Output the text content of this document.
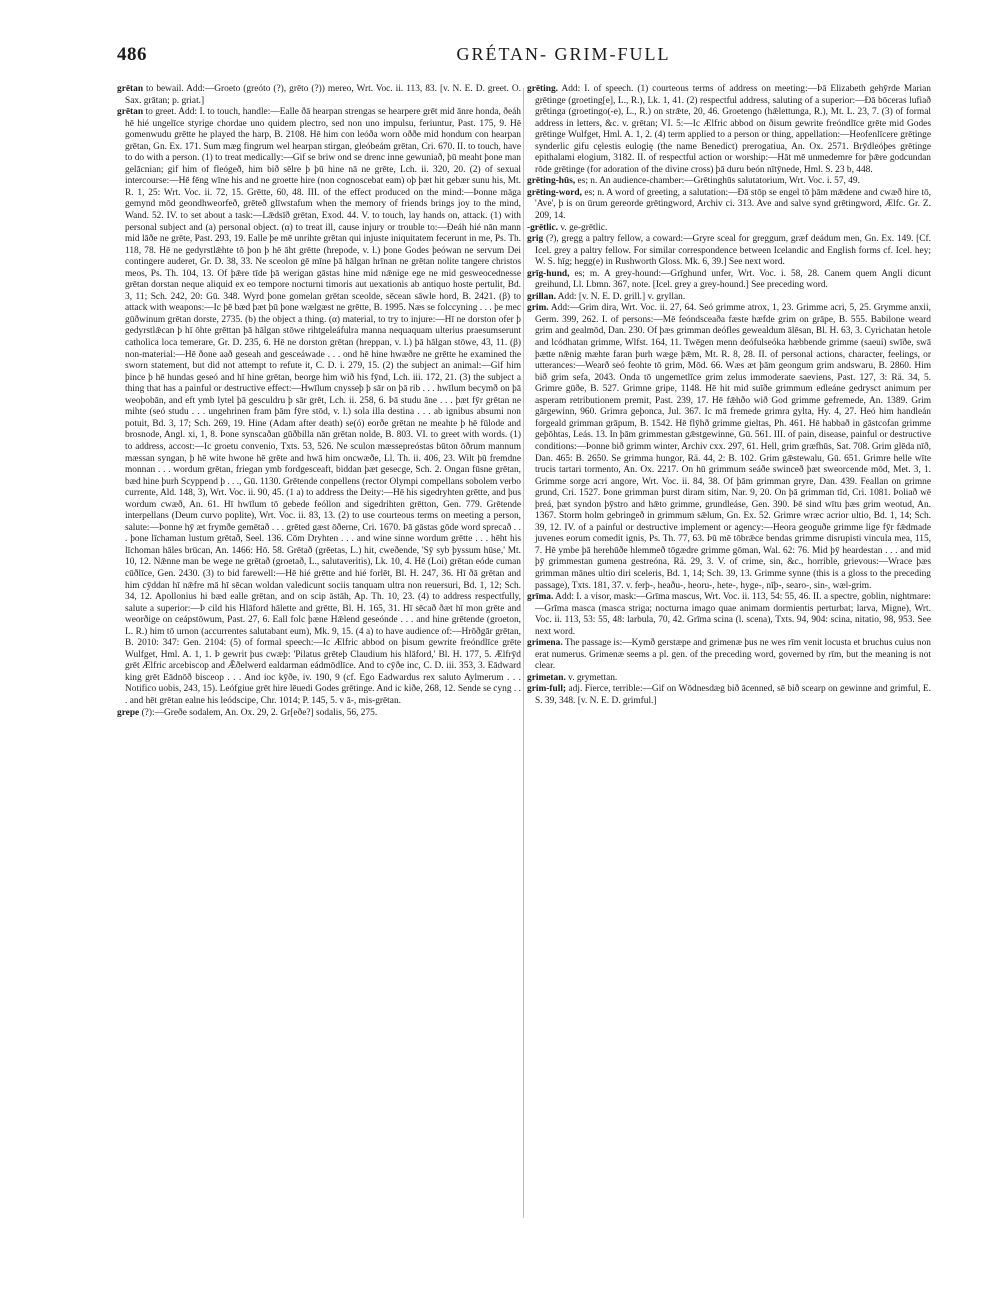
486	GRÉTAN- GRIM-FULL

grētan to bewail. Add:—Groeto (greóto (?), grēto (?)) mereo, Wrt. Voc. ii. 113, 83. [v. N. E. D. greet. O. Sax. grātan; p. griat.]

grētan to greet. Add: I. to touch, handle:—Ealle ðā hearpan strengas se hearpere grēt mid ānre honda, ðeáh hē hié ungelīce styrige chordae uno quidem plectro, sed non uno impulsu, feriuntur, Past. 175, 9. Hē gomenwudu grētte he played the harp, B. 2108. Hē him con leóða worn oððe mid hondum con hearpan grētan, Gn. Ex. 171. Sum mæg fingrum wel hearpan stirgan, gleóbeám grētan, Cri. 670. II. to touch, have to do with a person. (1) to treat medically:—Gif se briw ond se drenc inne gewuniað, þū meaht þone man gelācnian; gif him of fleógeð, him bið sēlre þ þū hine nā ne grēte, Lch. ii. 320, 20. (2) of sexual intercourse:—Hē fēng wīne his and ne groette hire (non cognoscebat eam) oþ þæt hit gebær sunu his, Mt. R. 1, 25: Wrt. Voc. ii. 72, 15. Grētte, 60, 48. III. of the effect produced on the mind:—Þonne māga gemynd mōd geondhweorfeð, grēteð glīwstafum when the memory of friends brings joy to the mind, Wand. 52. IV. to set about a task:—Lǣdsīð grētan, Exod. 44. V. to touch, lay hands on, attack. (1) with personal subject and (a) personal object. (α) to treat ill, cause injury or trouble to:—Ðeáh hié nān mann mid lāðe ne grēte, Past. 293, 19. Ealle þe mē unrihte grētan qui injuste iniquitatem fecerunt in me, Ps. Th. 118, 78. Hē ne gedyrstlǣhte tō þon þ hē āht grētte (hrepode, v. l.) þone Godes þeówan ne servum Dei contingere auderet, Gr. D. 38, 33. Ne sceolon gē mīne þā hālgan hrīnan ne grētan nolite tangere christos meos, Ps. Th. 104, 13. Of þǣre tīde þā werigan gāstas hine mid nǣnige ege ne mid gesweocednesse grētan dorstan neque aliquid ex eo tempore nocturni timoris aut uexationis ab antiquo hoste pertulit, Bd. 3, 11; Sch. 242, 20: Gū. 348. Wyrd þone gomelan grētan sceolde, sēcean sāwle hord, B. 2421. (β) to attack with weapons:—Ic þē bæd þæt þū þone wælgæst ne grētte, B. 1995. Næs se folccyning . . . þe mec gūðwinum grētan dorste, 2735. (b) the object a thing. (α) material, to try to injure:—Hī ne dorston ofer þ gedyrstlǣcan þ hī ōhte grēttan þā hālgan stōwe rihtgeleáfulra manna nequaquam ulterius praesumserunt catholica loca temerare, Gr. D. 235, 6. Hē ne dorston grētan (hreppan, v. l.) þā hālgan stōwe, 43, 11. (β) non-material:—Hē ðone aað geseah and gesceáwade . . . ond hē hine hwæðre ne grētte he examined the sworn statement, but did not attempt to refute it, C. D. i. 279, 15. (2) the subject an animal:—Gif him þince þ hē hundas geseó and hī hine grētan, beorge him wið his fȳnd, Lch. iii. 172, 21. (3) the subject a thing that has a painful or destructive effect:—Hwīlum cnysseþ þ sār on þā rib . . . hwīlum becymð on þā weoþobān, and eft ymb lytel þā gesculdru þ sār grēt, Lch. ii. 258, 6. Þā studu āne . . . þæt fȳr grētan ne mihte (seó studu . . . ungehrinen fram þām fȳre stōd, v. l.) sola illa destina . . . ab ignibus absumi non potuit, Bd. 3, 17; Sch. 269, 19. Hine (Adam after death) se(ó) eorðe grētan ne meahte þ hē fūlode and brosnode, Angl. xi, 1, 8. Þone synscaðan gūðbilla nān grētan nolde, B. 803. VI. to greet with words. (1) to address, accost:—Ic groetu convenio, Txts. 53, 526. Ne sculon mæssepreóstas būton ōðrum mannum mæssan syngan, þ hē wite hwone hē grēte and hwā him oncwæðe, Ll. Th. ii. 406, 23. Wilt þū fremdne monnan . . . wordum grētan, friegan ymb fordgesceaft, biddan þæt gesecge, Sch. 2. Ongan fūsne grētan, bæd hine þurh Scyppend þ . . ., Gū. 1130. Grētende conpellens (rector Olympi compellans sobolem verbo currente, Ald. 148, 3), Wrt. Voc. ii. 90, 45. (1 a) to address the Deity:—Hē his sigedryhten grētte, and þus wordum cwæð, An. 61. Hī hwīlum tō gebede feóllon and sigedrihten grētton, Gen. 779. Grētende interpellans (Deum curvo poplite), Wrt. Voc. ii. 83, 13. (2) to use courteous terms on meeting a person, salute:—Þonne hȳ æt frymðe gemētað . . . grēted gæst ōðerne, Cri. 1670. Þā gāstas gōde word sprecað . . . þone līchaman lustum grētað, Seel. 136. Cōm Dryhten . . . and wine sinne wordum grētte . . . hēht his līchoman hāles brūcan, An. 1466: Hō. 58. Grētað (grēetas, L.) hit, cweðende, 'Sȳ syb þyssum hūse,' Mt. 10, 12. Nǣnne man be wege ne grētað (groetað, L., salutaveritis), Lk. 10, 4. Hē (Loi) grētan eóde cuman cūðlīce, Gen. 2430. (3) to bid farewell:—Hē hié grētte and hié forlēt, Bl. H. 247, 36. Hī ðā grētan and him cȳddan hī nǣfre mā hī sēcan woldan valedicunt sociis tanquam ultra non reuersuri, Bd. 1, 12; Sch. 34, 12. Apollonius hi bæd ealle grētan, and on scip āstāh, Ap. Th. 10, 23. (4) to address respectfully, salute a superior:—Þ cild his Hlāford hālette and grētte, Bl. H. 165, 31. Hī sēcað ðæt hī mon grēte and weorðige on ceápstōwum, Past. 27, 6. Eall folc þæne Hǣlend geseónde . . . and hine grētende (groeton, L. R.) him tō urnon (accurrentes salutabant eum), Mk. 9, 15. (4 a) to have audience of:—Hrōðgār grētan, B. 2010: 347: Gen. 2104: (5) of formal speech:—Ic Ælfric abbod on þisum gewrite freóndlīce grēte Wulfget, Hml. A. 1, 1. Þ gewrit þus cwæþ: 'Pilatus grēteþ Claudium his hlāford,' Bl. H. 177, 5. Ælfrȳd grēt Ælfric arcebiscop and Ǣðelwerd ealdarman eádmōdlīce. And to cȳðe inc, C. D. iii. 353, 3. Eādward king grēt Eādnōð bisceop . . . And ioc kȳðe, iv. 190, 9 (cf. Ego Eadwardus rex saluto Aylmerum . . . Notifico uobis, 243, 15). Leófgiue grēt hire lēuedi Godes grētinge. And ic kiðe, 268, 12. Sende se cyng . . . and hēt grētan ealne his leódscipe, Chr. 1014; P. 145, 5. v ā-, mis-grētan.

grepe (?):—Greðe sodalem, An. Ox. 29, 2. Gr[eðe?] sodalis, 56, 275.

grēting. Add: I. of speech. (1) courteous terms of address on meeting:—Þā Elizabeth gehȳrde Marian grētinge (groeting[e], L., R.), Lk. 1, 41. (2) respectful address, saluting of a superior:—Ðā bōceras lufiað grētinga (groetingo(-e), L., R.) on strǣte, 20, 46. Groetengo (hǣlettunga, R.), Mt. L. 23, 7. (3) of formal address in letters, &c. v. grētan; VI. 5:—Ic Ælfric abbod on ðisum gewrite freóndlīce grēte mid Godes grētinge Wulfget, Hml. A. 1, 2. (4) term applied to a person or thing, appellation:—Heofenlīcere grētinge synderlic gifu cęlestis eulogię (the name Benedict) prerogatiua, An. Ox. 2571. Brȳdleóþes grētinge epithalami elogium, 3182. II. of respectful action or worship:—Hāt mē unmedemre for þǣre godcundan rōde grētinge (for adoration of the divine cross) þā duru beón nītȳnede, Hml. S. 23 b, 448.

grēting-hūs, es; n. An audience-chamber:—Grētinghūs salutatorium, Wrt. Voc. i. 57, 49.

grēting-word, es; n. A word of greeting, a salutation:—Ðā stōp se engel tō þām mǣdene and cwæð hire tō, 'Ave', þ is on ūrum gereorde grētingword, Archiv ci. 313. Ave and salve synd grētingword, Ælfc. Gr. Z. 209, 14.

-grētlic. v. ge-grētlic.

grig (?), gregg a paltry fellow, a coward:—Gryre sceal for greggum, græf deádum men, Gn. Ex. 149. [Cf. Icel. grey a paltry fellow. For similar correspondence between Icelandic and English forms cf. Icel. hey; W. S. hīg; hegg(e) in Rushworth Gloss. Mk. 6, 39.] See next word.

grīg-hund, es; m. A grey-hound:—Grīghund unfer, Wrt. Voc. i. 58, 28. Canem quem Angli dicunt greihund, Ll. Lbmn. 367, note. [Icel. grey a grey-hound.] See preceding word.

grillan. Add: [v. N. E. D. grill.] v. gryllan.

grim. Add:—Grim dira, Wrt. Voc. ii. 27, 64. Seó grimme atrox, 1, 23. Grimme acri, 5, 25. Grymme anxii, Germ. 399, 262. I. of persons:—Mē feóndsceaða fæste hæfde grim on grāpe, B. 555. Babilone weard grim and gealmōd, Dan. 230. Of þæs grimman deófles gewealdum ālēsan, Bl. H. 63, 3. Cyrichatan hetole and lcódhatan grimme, Wlfst. 164, 11. Twēgen menn deófulseóka hæbbende grimme (saeui) swīðe, swā þætte nǣnig mæhte faran þurh wæge þǣm, Mt. R. 8, 28. II. of personal actions, character, feelings, or utterances:—Wearð seó feohte tō grim, Mōd. 66. Wæs æt þām geongum grim andswaru, B. 2860. Him bið grim sefa, 2043. Onda tō ungemetlīce grim zelus immoderate saeviens, Past. 127, 3: Rä. 34, 5. Grimre gūðe, B. 527. Grimne gripe, 1148. Hē hit mid suīðe grimmum edleáne gedrysct animum per asperam retributionem premit, Past. 239, 17. Hē fǣhðo wið God grimme gefremede, An. 1389. Grim gārgewinn, 960. Grimra geþonca, Jul. 367. Ic mā fremede grimra gylta, Hy. 4, 27. Heó him handleán forgeald grimman grāpum, B. 1542. Hē flȳhð grimme gieltas, Ph. 461. Hē habbað in gāstcofan grimme geþōhtas, Leás. 13. In þām grimmestan gǣstgewinne, Gū. 561. III. of pain, disease, painful or destructive conditions:—Þonne bið grimm winter, Archiv cxx. 297, 61. Hell, grim græfhūs, Sat. 708. Grim glēda nīð, Dan. 465: B. 2650. Se grimma hungor, Rä. 44, 2: B. 102. Grim gǣstewalu, Gū. 651. Grimre helle wīte trucis tartari tormento, An. Ox. 2217. On hū grimmum seáðe swinceð þæt sweorcende mōd, Met. 3, 1. Grimme sorge acri angore, Wrt. Voc. ii. 84, 38. Of þām grimman gryre, Dan. 439. Feallan on grimne grund, Cri. 1527. Þone grimman þurst diram sitim, Nar. 9, 20. On þā grimman tīd, Cri. 1081. Þoliað wē þreá, þæt syndon þȳstro and hǣto grimme, grundleáse, Gen. 390. Þē sind wītu þæs grim weotud, An. 1367. Storm holm gebringeð in grimmum sǣlum, Gn. Ex. 52. Grimre wræc acrior ultio, Bd. 1, 14; Sch. 39, 12. IV. of a painful or destructive implement or agency:—Heora geoguðe grimme lige fȳr fǣdmade juvenes eorum comedit ignis, Ps. Th. 77, 63. Þū mē tōbrǣce bendas grimme disrupisti vincula mea, 115, 7. Hē ymbe þā herehūðe hlemmeð tōgædre grimme gōman, Wal. 62: 76. Mid þȳ heardestan . . . and mid þȳ grimmestan gumena gestreóna, Rä. 29, 3. V. of crime, sin, &c., horrible, grievous:—Wrace þæs grimman mānes ultio diri sceleris, Bd. 1, 14; Sch. 39, 13. Grimme synne (this is a gloss to the preceding passage), Txts. 181, 37. v. ferþ-, heaðu-, heoru-, hete-, hyge-, nīþ-, searo-, sin-, wæl-grim.

grīma. Add: I. a visor, mask:—Grīma mascus, Wrt. Voc. ii. 113, 54: 55, 46. II. a spectre, goblin, nightmare:—Grīma masca (masca striga; nocturna imago quae animam dormientis perturbat; larva, Migne), Wrt. Voc. ii. 113, 53: 55, 48: larbula, 70, 42. Grīma scina (l. scena), Txts. 94, 904: scina, nitatio, 98, 953. See next word.

grimena. The passage is:—Kymð gerstæpe and grimenæ þus ne wes rīm venit locusta et bruchus cuius non erat numerus. Grimenæ seems a pl. gen. of the preceding word, governed by rīm, but the meaning is not clear.

grimetan. v. grymettan.

grim-full; adj. Fierce, terrible:—Gif on Wōdnesdæg bið ācenned, sē bið scearp on gewinne and grimful, E. S. 39, 348. [v. N. E. D. grimful.]
